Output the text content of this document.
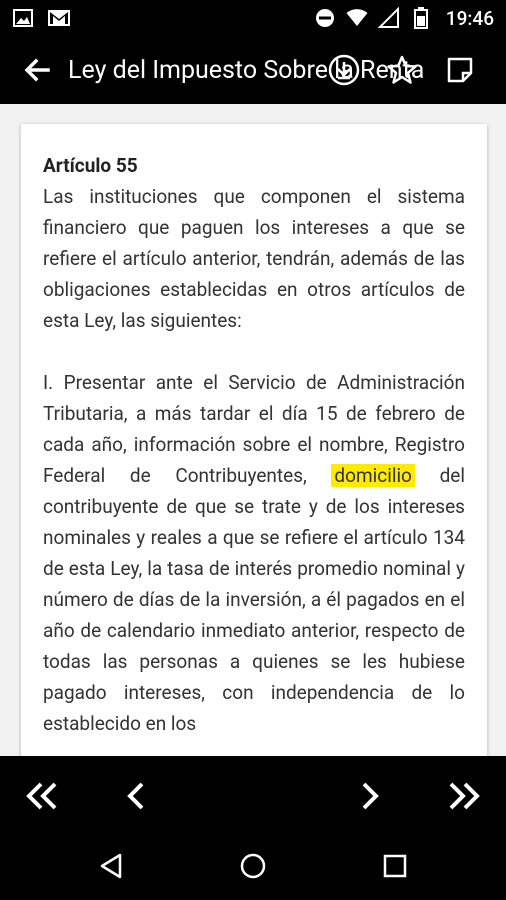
19:46
Ley del Impuesto Sobre la Renta
Artículo 55

Las instituciones que componen el sistema financiero que paguen los intereses a que se refiere el artículo anterior, tendrán, además de las obligaciones establecidas en otros artículos de esta Ley, las siguientes:

I. Presentar ante el Servicio de Administración Tributaria, a más tardar el día 15 de febrero de cada año, información sobre el nombre, Registro Federal de Contribuyentes, domicilio del contribuyente de que se trate y de los intereses nominales y reales a que se refiere el artículo 134 de esta Ley, la tasa de interés promedio nominal y número de días de la inversión, a él pagados en el año de calendario inmediato anterior, respecto de todas las personas a quienes se les hubiese pagado intereses, con independencia de lo establecido en los
